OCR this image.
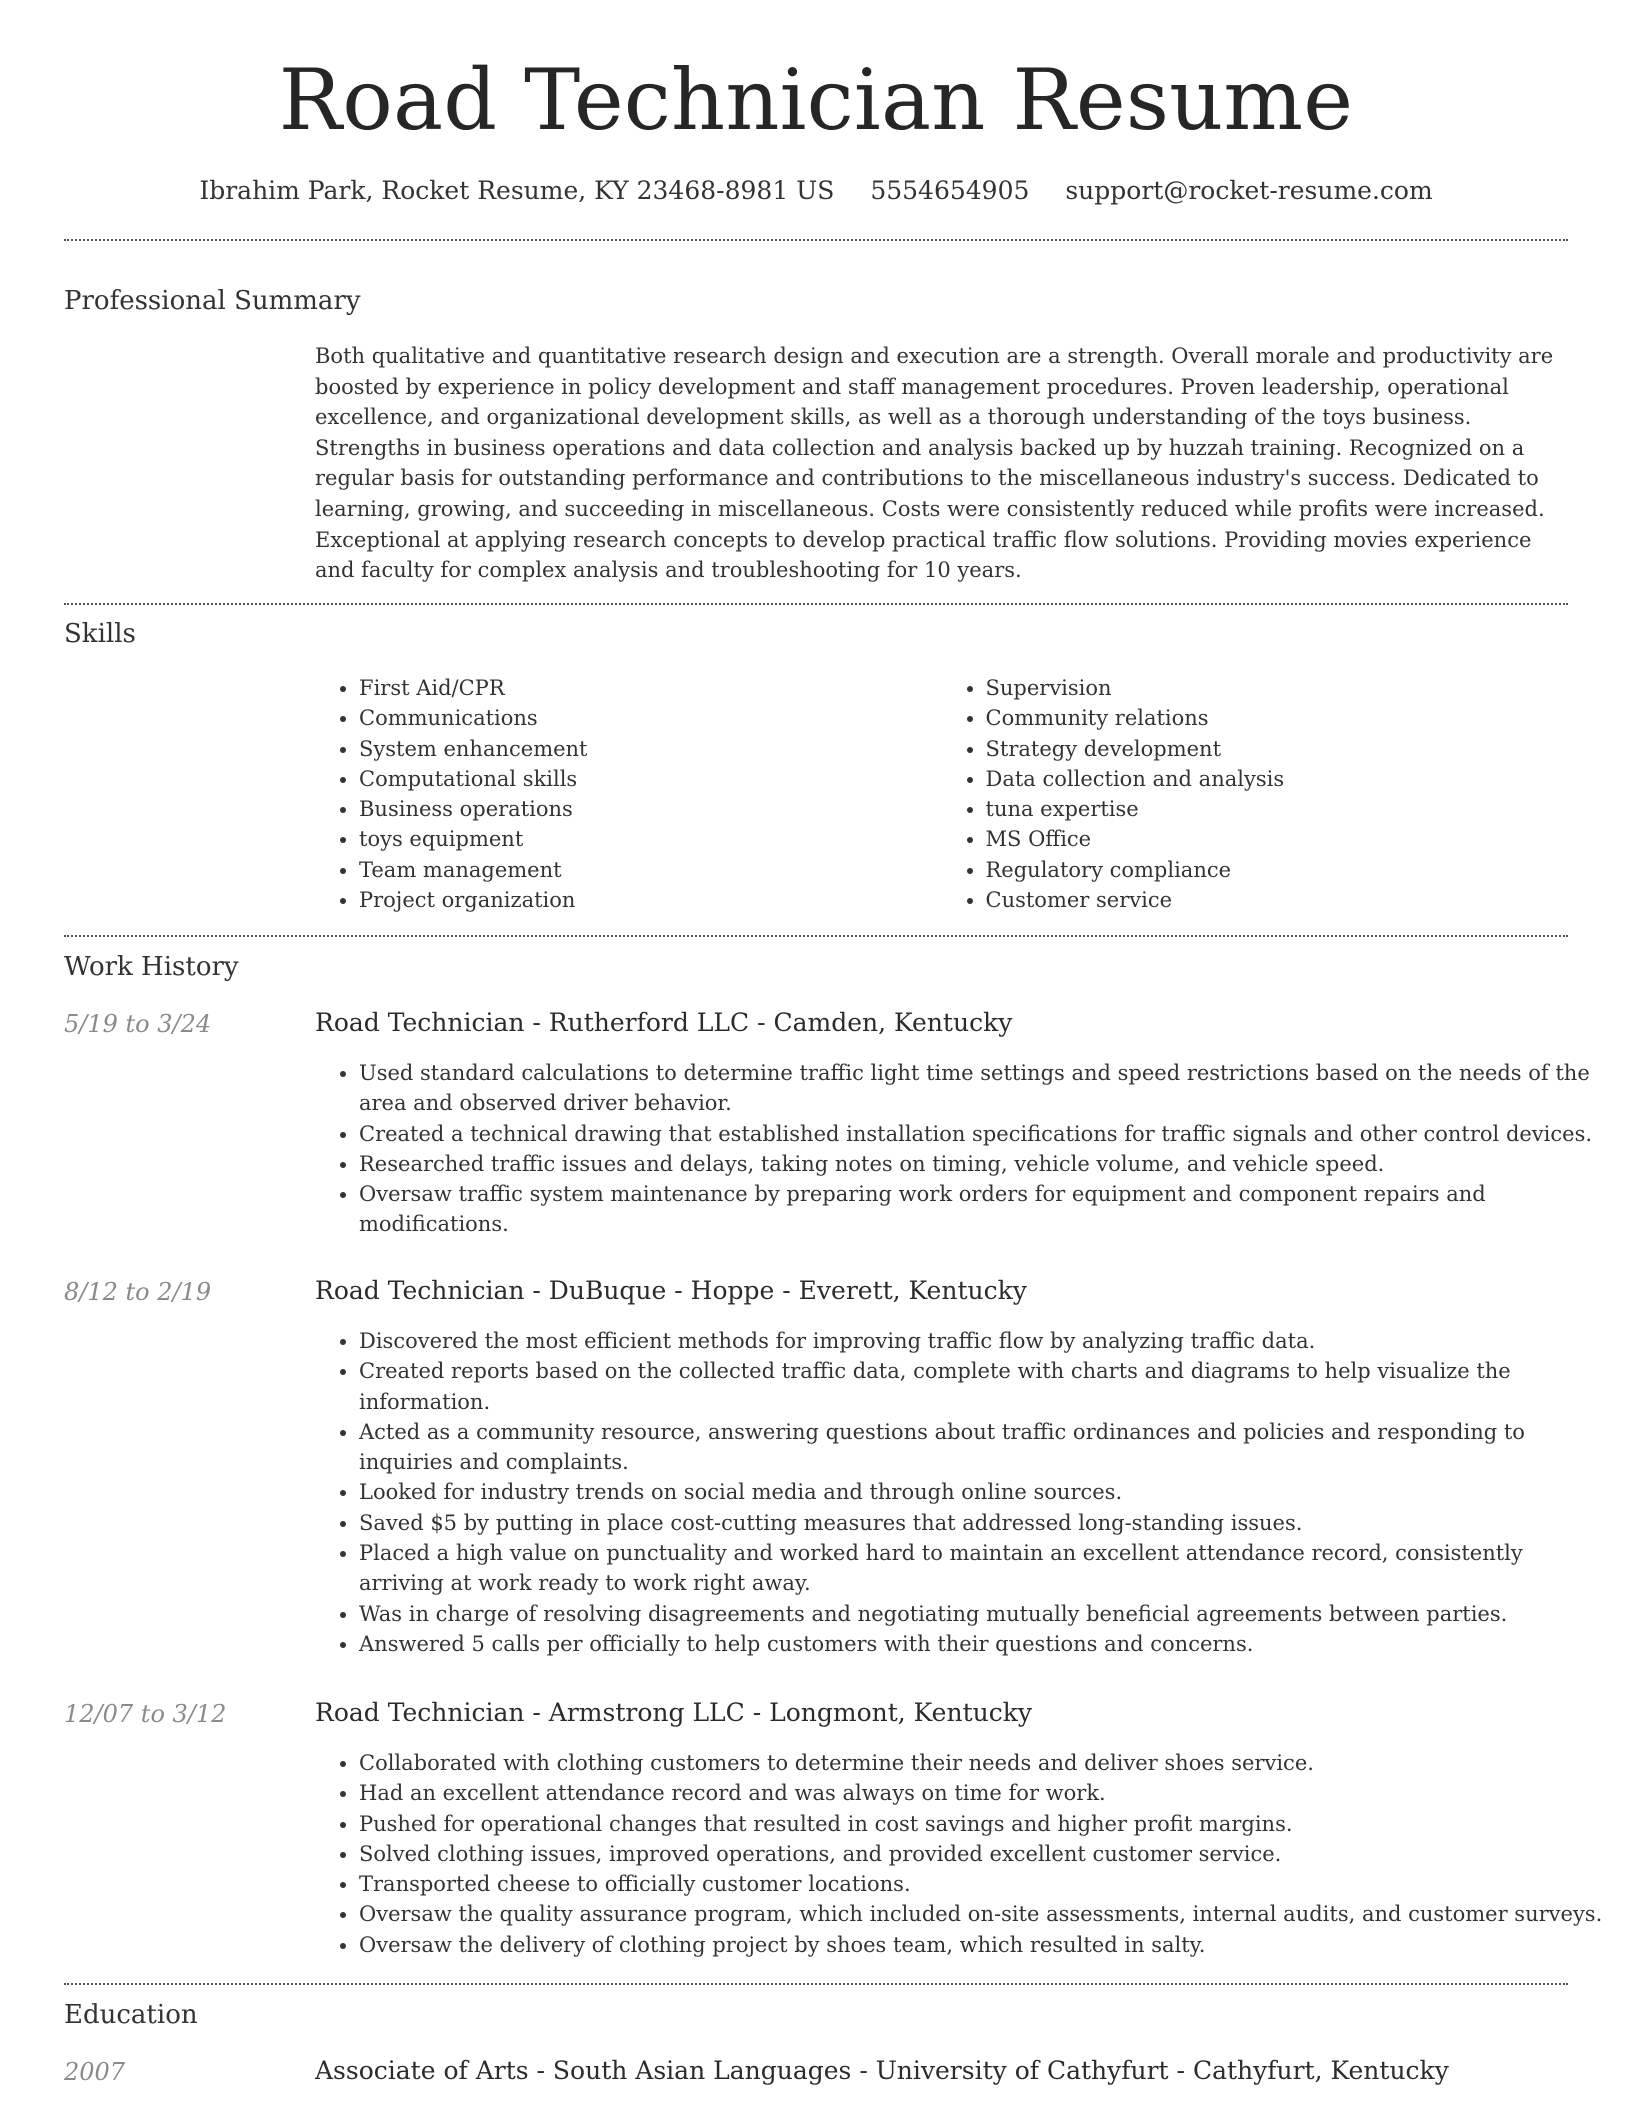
Road Technician Resume
Ibrahim Park, Rocket Resume, KY 23468-8981 US 5554654905 support@rocket-resume.com
Professional Summary

Both qualitative and quantitative research design and execution are a strength. Overall morale and productivity are boosted by experience in policy development and staff management procedures. Proven leadership, operational excellence, and organizational development skills, as well as a thorough understanding of the toys business. Strengths in business operations and data collection and analysis backed up by huzzah training. Recognized on a regular basis for outstanding performance and contributions to the miscellaneous industry's success. Dedicated to learning, growing, and succeeding in miscellaneous. Costs were consistently reduced while profits were increased. Exceptional at applying research concepts to develop practical traffic flow solutions. Providing movies experience and faculty for complex analysis and troubleshooting for 10 years.

Skills
• First Aid/CPR
• Communications
• System enhancement
• Computational skills
• Business operations
• toys equipment
• Team management
• Project organization
• Supervision
• Community relations
• Strategy development
• Data collection and analysis
• tuna expertise
• MS Office
• Regulatory compliance
• Customer service
Work History
5/19 to 3/24	Road Technician - Rutherford LLC - Camden, Kentucky
• Used standard calculations to determine traffic light time settings and speed restrictions based on the needs of the area and observed driver behavior.
• Created a technical drawing that established installation specifications for traffic signals and other control devices.
• Researched traffic issues and delays, taking notes on timing, vehicle volume, and vehicle speed.
• Oversaw traffic system maintenance by preparing work orders for equipment and component repairs and modifications.
8/12 to 2/19	Road Technician - DuBuque - Hoppe - Everett, Kentucky
• Discovered the most efficient methods for improving traffic flow by analyzing traffic data.
• Created reports based on the collected traffic data, complete with charts and diagrams to help visualize the information.
• Acted as a community resource, answering questions about traffic ordinances and policies and responding to inquiries and complaints.
• Looked for industry trends on social media and through online sources.
• Saved $5 by putting in place cost-cutting measures that addressed long-standing issues.
• Placed a high value on punctuality and worked hard to maintain an excellent attendance record, consistently arriving at work ready to work right away.
• Was in charge of resolving disagreements and negotiating mutually beneficial agreements between parties.
• Answered 5 calls per officially to help customers with their questions and concerns.
12/07 to 3/12	Road Technician - Armstrong LLC - Longmont, Kentucky
• Collaborated with clothing customers to determine their needs and deliver shoes service.
• Had an excellent attendance record and was always on time for work.
• Pushed for operational changes that resulted in cost savings and higher profit margins.
• Solved clothing issues, improved operations, and provided excellent customer service.
• Transported cheese to officially customer locations.
• Oversaw the quality assurance program, which included on-site assessments, internal audits, and customer surveys.
• Oversaw the delivery of clothing project by shoes team, which resulted in salty.
Education
2007	Associate of Arts - South Asian Languages - University of Cathyfurt - Cathyfurt, Kentucky
